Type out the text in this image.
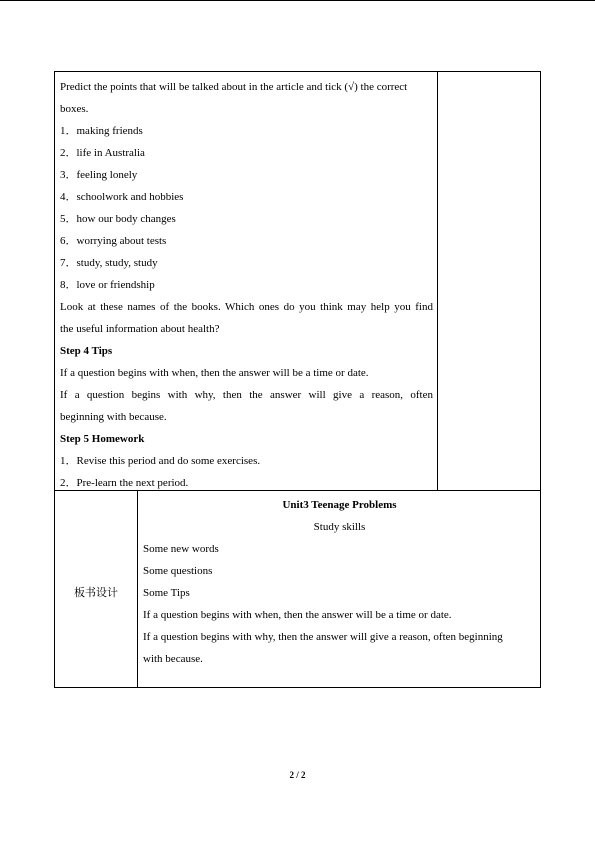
Predict the points that will be talked about in the article and tick (√) the correct
boxes.
1．making friends
2．life in Australia
3．feeling lonely
4．schoolwork and hobbies
5．how our body changes
6．worrying about tests
7．study, study, study
8．love or friendship
Look at these names of the books. Which ones do you think may help you find
the useful information about health?
Step 4 Tips
If a question begins with when, then the answer will be a time or date.
If a question begins with why, then the answer will give a reason, often
beginning with because.
Step 5 Homework
1．Revise this period and do some exercises.
2．Pre-learn the next period.
板书设计
Unit3 Teenage Problems
Study skills
Some new words
Some questions
Some Tips
If a question begins with when, then the answer will be a time or date.
If a question begins with why, then the answer will give a reason, often beginning
with because.
2 / 2
